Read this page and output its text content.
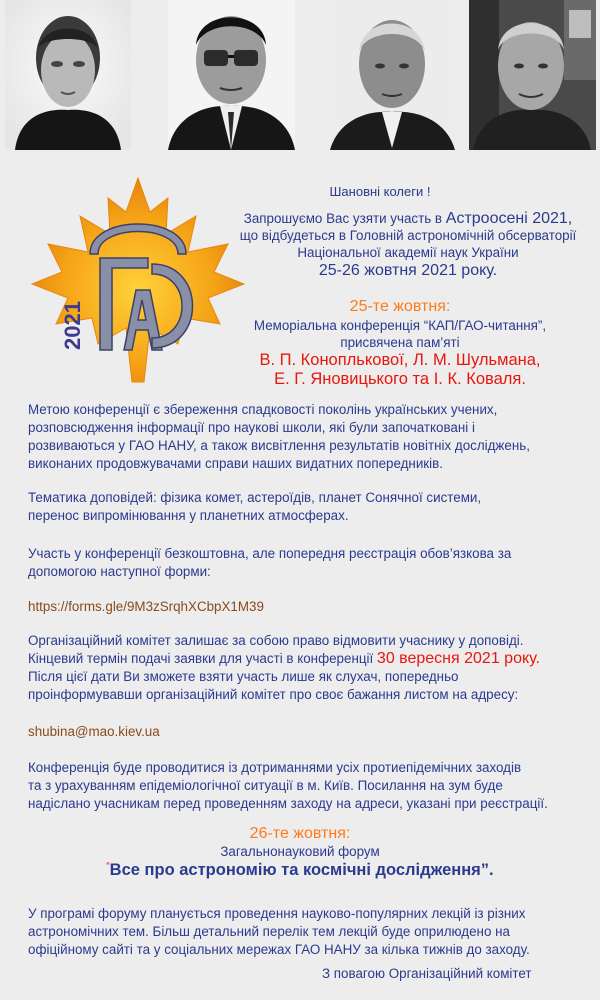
2021
Шановні колеги !
Запрошуємо Вас узяти участь в Астроосені 2021,
що відбудеться в Головній астрономічній обсерваторії
Національної академії наук України
25-26 жовтня 2021 року.
25-те жовтня:
Меморіальна конференція “КАП/ГАО-читання”,
присвячена пам’яті
В. П. Коноплькової, Л. М. Шульмана,
Е. Г. Яновицького та І. К. Коваля.

Метою конференції є збереження спадковості поколінь українських учених,

розповсюдження інформації про наукові школи, які були започатковані і

розвиваються у ГАО НАНУ, а також висвітлення результатів новітніх досліджень,

виконаних продовжувачами справи наших видатних попередників.

Тематика доповідей: фізика комет, астероїдів, планет Сонячної системи,

перенос випромінювання у планетних атмосферах.

Участь у конференції безкоштовна, але попередня реєстрація обов’язкова за

допомогою наступної форми:

https://forms.gle/9M3zSrqhXCbpX1M39

Організаційний комітет залишає за собою право відмовити учаснику у доповіді.

Кінцевий термін подачі заявки для участі в конференції 30 вересня 2021 року.

Після цієї дати Ви зможете взяти участь лише як слухач, попередньо

проінформувавши організаційний комітет про своє бажання листом на адресу:

shubina@mao.kiev.ua

Конференція буде проводитися із дотриманнями усіх протиепідемічних заходів

та з урахуванням епідеміологічної ситуації в м. Київ. Посилання на зум буде

надіслано учасникам перед проведенням заходу на адреси, указані при реєстрації.

26-те жовтня:
Загальнонауковий форум
“Все про астрономію та космічні дослідження”.

У програмі форуму планується проведення науково-популярних лекцій із різних

астрономічних тем. Більш детальний перелік тем лекцій буде оприлюдено на

офіційному сайті та у соціальних мережах ГАО НАНУ за кілька тижнів до заходу.

З повагою Організаційний комітет
